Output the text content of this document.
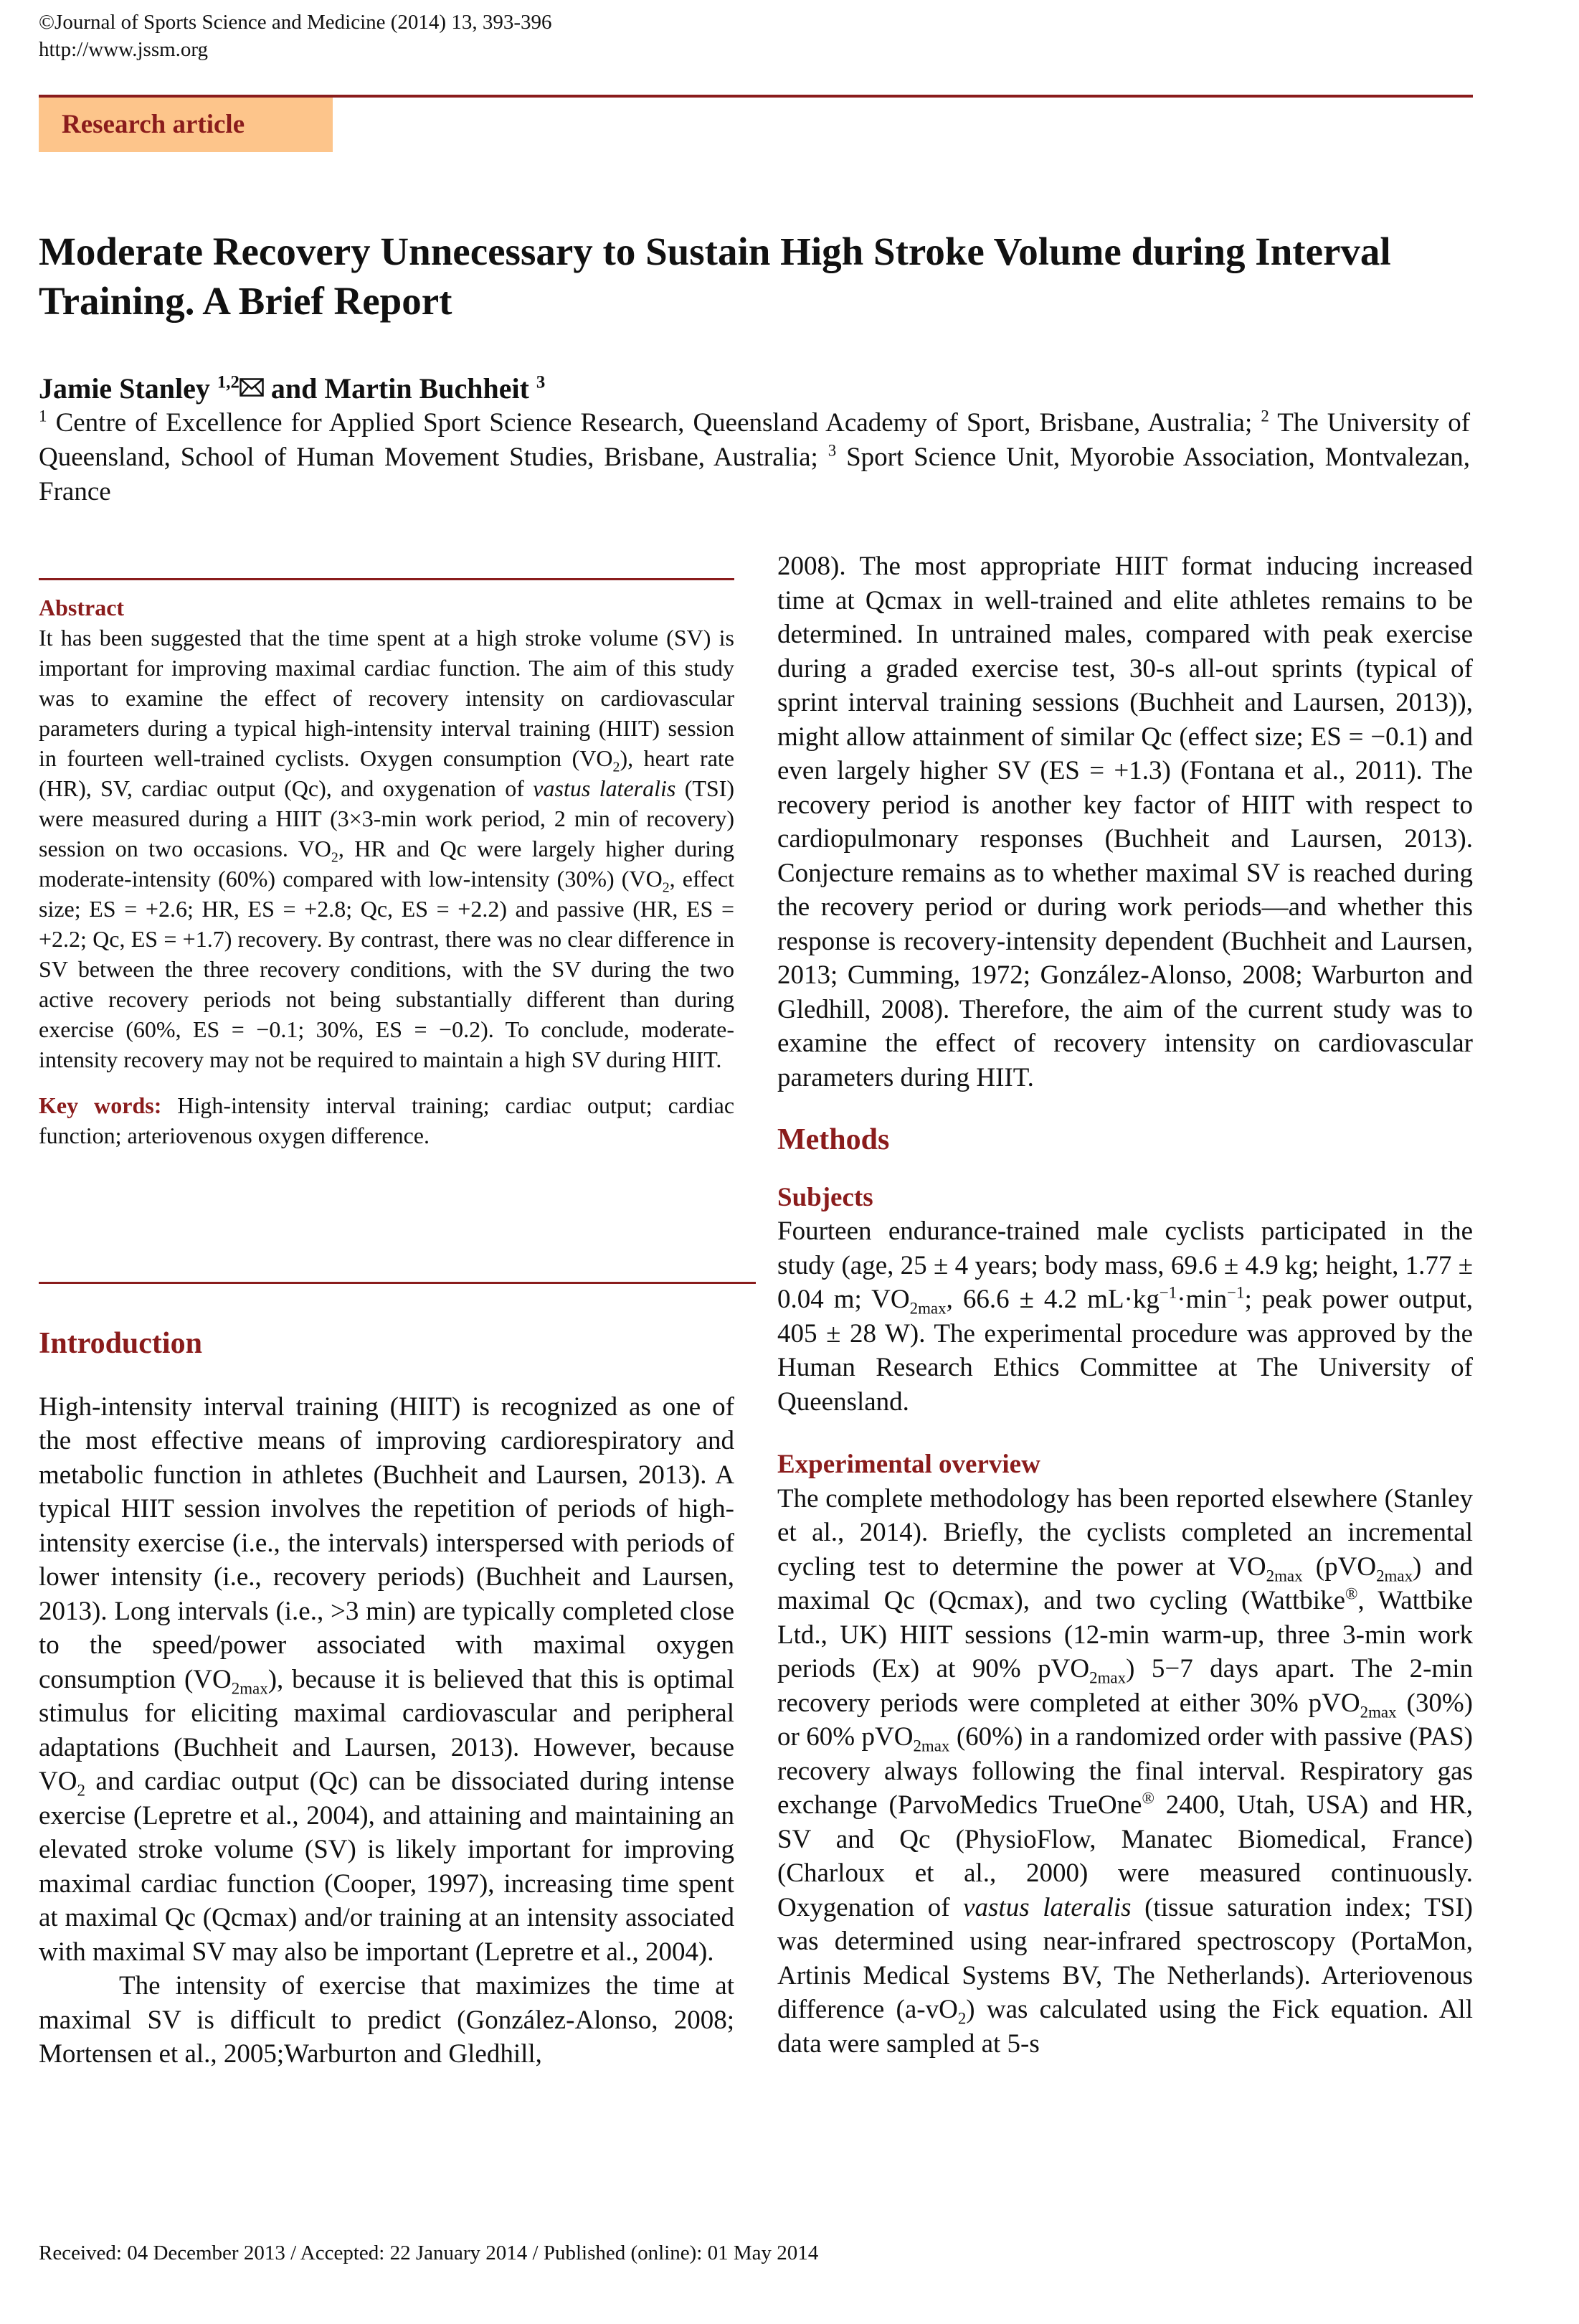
©Journal of Sports Science and Medicine (2014) 13, 393-396
http://www.jssm.org
Research article
Moderate Recovery Unnecessary to Sustain High Stroke Volume during Interval Training. A Brief Report
Jamie Stanley $^{1,2}$ and Martin Buchheit $^3$
$^1$ Centre of Excellence for Applied Sport Science Research, Queensland Academy of Sport, Brisbane, Australia; $^2$ The University of Queensland, School of Human Movement Studies, Brisbane, Australia; $^3$ Sport Science Unit, Myorobie Association, Montvalezan, France
Abstract

It has been suggested that the time spent at a high stroke volume (SV) is important for improving maximal cardiac function. The aim of this study was to examine the effect of recovery intensity on cardiovascular parameters during a typical high-intensity interval training (HIIT) session in fourteen well-trained cyclists. Oxygen consumption $(VO_2)$, heart rate (HR), SV, cardiac output (Qc), and oxygenation of vastus lateralis (TSI) were measured during a HIIT (3×3-min work period, 2 min of recovery) session on two occasions. $VO_2$, HR and Qc were largely higher during moderate-intensity (60%) compared with low-intensity (30%) ($VO_2$, effect size; ES = +2.6; HR, ES = +2.8; Qc, ES = +2.2) and passive (HR, ES = +2.2; Qc, ES = +1.7) recovery. By contrast, there was no clear difference in SV between the three recovery conditions, with the SV during the two active recovery periods not being substantially different than during exercise (60%, ES = −0.1; 30%, ES = −0.2). To conclude, moderate-intensity recovery may not be required to maintain a high SV during HIIT.

Key words: High-intensity interval training; cardiac output; cardiac function; arteriovenous oxygen difference.

Introduction

High-intensity interval training (HIIT) is recognized as one of the most effective means of improving cardiorespiratory and metabolic function in athletes (Buchheit and Laursen, 2013). A typical HIIT session involves the repetition of periods of high-intensity exercise (i.e., the intervals) interspersed with periods of lower intensity (i.e., recovery periods) (Buchheit and Laursen, 2013). Long intervals (i.e., >3 min) are typically completed close to the speed/power associated with maximal oxygen consumption $(VO_{2max})$, because it is believed that this is optimal stimulus for eliciting maximal cardiovascular and peripheral adaptations (Buchheit and Laursen, 2013). However, because $VO_2$ and cardiac output (Qc) can be dissociated during intense exercise (Lepretre et al., 2004), and attaining and maintaining an elevated stroke volume (SV) is likely important for improving maximal cardiac function (Cooper, 1997), increasing time spent at maximal Qc (Qcmax) and/or training at an intensity associated with maximal SV may also be important (Lepretre et al., 2004).

The intensity of exercise that maximizes the time at maximal SV is difficult to predict (González-Alonso, 2008; Mortensen et al., 2005;Warburton and Gledhill,

2008). The most appropriate HIIT format inducing increased time at Qcmax in well-trained and elite athletes remains to be determined. In untrained males, compared with peak exercise during a graded exercise test, 30-s all-out sprints (typical of sprint interval training sessions (Buchheit and Laursen, 2013)), might allow attainment of similar Qc (effect size; ES = −0.1) and even largely higher SV (ES = +1.3) (Fontana et al., 2011). The recovery period is another key factor of HIIT with respect to cardiopulmonary responses (Buchheit and Laursen, 2013). Conjecture remains as to whether maximal SV is reached during the recovery period or during work periods—and whether this response is recovery-intensity dependent (Buchheit and Laursen, 2013; Cumming, 1972; González-Alonso, 2008; Warburton and Gledhill, 2008). Therefore, the aim of the current study was to examine the effect of recovery intensity on cardiovascular parameters during HIIT.

Methods
Subjects

Fourteen endurance-trained male cyclists participated in the study (age, 25 ± 4 years; body mass, 69.6 ± 4.9 kg; height, 1.77 ± 0.04 m; $VO_{2max}$, 66.6 ± 4.2 $mL\cdot kg^{-1}\cdot\min^{-1}$; peak power output, 405 ± 28 W). The experimental procedure was approved by the Human Research Ethics Committee at The University of Queensland.

Experimental overview

The complete methodology has been reported elsewhere (Stanley et al., 2014). Briefly, the cyclists completed an incremental cycling test to determine the power at $VO_{2max}$ (pVO$_{2max}$) and maximal Qc (Qcmax), and two cycling (Wattbike®, Wattbike Ltd., UK) HIIT sessions (12-min warm-up, three 3-min work periods (Ex) at 90% pVO$_{2max}$) 5−7 days apart. The 2-min recovery periods were completed at either 30% pVO$_{2max}$ (30%) or 60% pVO$_{2max}$ (60%) in a randomized order with passive (PAS) recovery always following the final interval. Respiratory gas exchange (ParvoMedics TrueOne® 2400, Utah, USA) and HR, SV and Qc (PhysioFlow, Manatec Biomedical, France) (Charloux et al., 2000) were measured continuously. Oxygenation of vastus lateralis (tissue saturation index; TSI) was determined using near-infrared spectroscopy (PortaMon, Artinis Medical Systems BV, The Netherlands). Arteriovenous difference $(a-vO_2)$ was calculated using the Fick equation. All data were sampled at 5-s

Received: 04 December 2013 / Accepted: 22 January 2014 / Published (online): 01 May 2014
